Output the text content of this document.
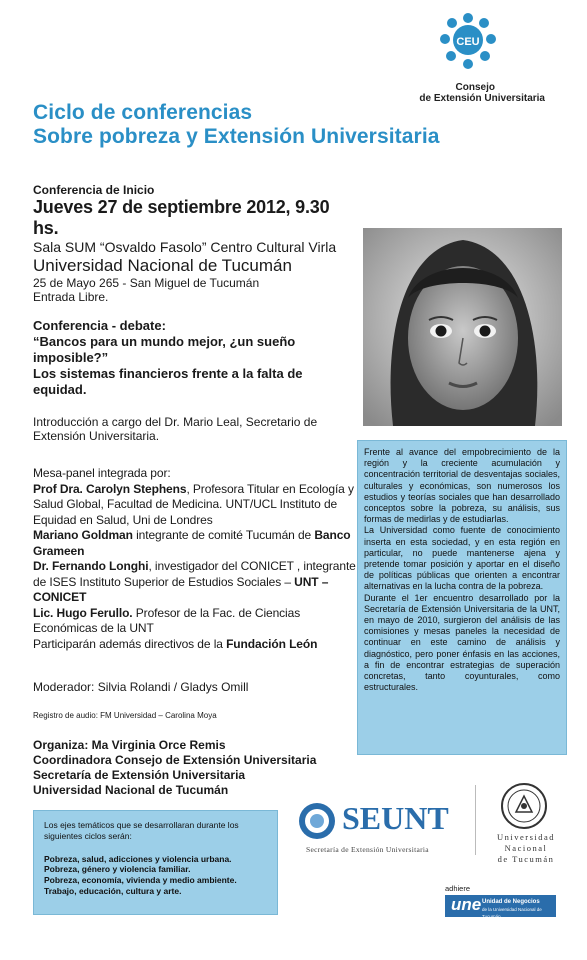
CEU
Consejo
de Extensión Universitaria
Ciclo de conferencias
Sobre pobreza y Extensión Universitaria
Conferencia de Inicio
Jueves 27 de septiembre 2012, 9.30 hs.
Sala SUM “Osvaldo Fasolo” Centro Cultural Virla
Universidad Nacional de Tucumán
25 de Mayo 265 - San Miguel de Tucumán
Entrada Libre.
Conferencia - debate:
“Bancos para un mundo mejor, ¿un sueño imposible?”
Los sistemas financieros frente a la falta de equidad.
Introducción a cargo del Dr. Mario Leal, Secretario de Extensión Universitaria.
Mesa-panel integrada por:
Prof Dra. Carolyn Stephens, Profesora Titular en Ecología y Salud Global, Facultad de Medicina. UNT/UCL Instituto de Equidad en Salud, Uni de Londres
Mariano Goldman integrante de comité Tucumán de Banco Grameen
Dr. Fernando Longhi, investigador del CONICET , integrante de ISES Instituto Superior de Estudios Sociales – UNT – CONICET
Lic. Hugo Ferullo. Profesor de la Fac. de Ciencias Económicas de la UNT
Participarán además directivos de la Fundación León
Moderador: Silvia Rolandi / Gladys Omill
Registro de audio: FM Universidad – Carolina Moya
Organiza: Ma Virginia Orce Remis
Coordinadora Consejo de Extensión Universitaria
Secretaría de Extensión Universitaria
Universidad Nacional de Tucumán
Frente al avance del empobrecimiento de la región y la creciente acumulación y concentración territorial de desventajas sociales, culturales y económicas, son numerosos los estudios y teorías sociales que han desarrollado conceptos sobre la pobreza, su análisis, sus formas de medirlas y de estudiarlas.
La Universidad como fuente de conocimiento inserta en esta sociedad, y en esta región en particular, no puede mantenerse ajena y pretende tomar posición y aportar en el diseño de políticas públicas que orienten a encontrar alternativas en la lucha contra de la pobreza.
Durante el 1er encuentro desarrollado por la Secretaría de Extensión Universitaria de la UNT, en mayo de 2010, surgieron del análisis de las comisiones y mesas paneles la necesidad de continuar en este camino de análisis y diagnóstico, pero poner énfasis en las acciones, a fin de encontrar estrategias de superación concretas, tanto coyunturales, como estructurales.
Los ejes temáticos que se desarrollaran durante los siguientes ciclos serán:
Pobreza, salud, adicciones y violencia urbana.
Pobreza, género y violencia familiar.
Pobreza, economía, vivienda y medio ambiente.
Trabajo, educación, cultura y arte.
SEUNT
Secretaría de Extensión Universitaria
Universidad
Nacional
de Tucumán
adhiere
une Unidad de Negocios
de la Universidad Nacional de Tucumán
